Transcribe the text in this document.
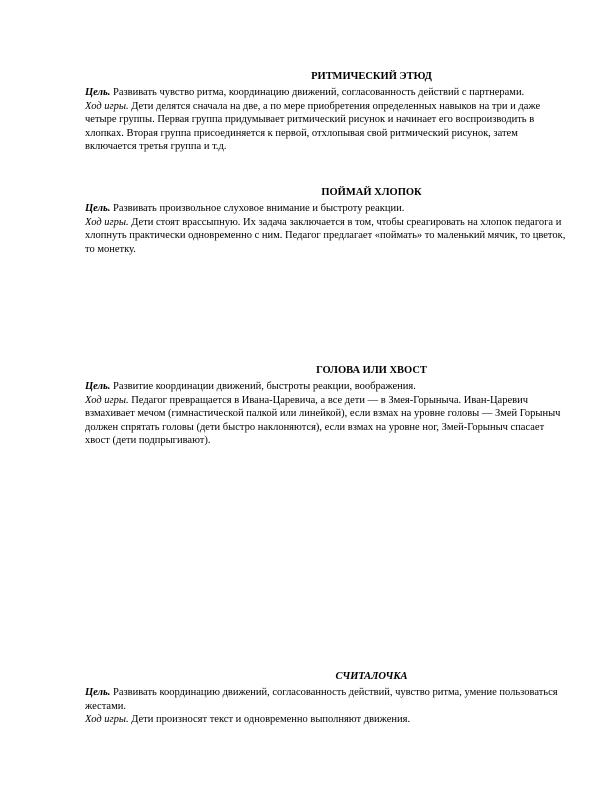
РИТМИЧЕСКИЙ ЭТЮД

Цель. Развивать чувство ритма, координацию движений, согласованность действий с партнерами.

Ход игры. Дети делятся сначала на две, а по мере приобретения определенных навыков на три и даже четыре группы. Первая группа придумывает ритмический рисунок и начинает его воспроизводить в хлопках. Вторая группа присоединяется к первой, отхлопывая свой ритмический рисунок, затем включается третья группа и т.д.

ПОЙМАЙ ХЛОПОК

Цель. Развивать произвольное слуховое внимание и быстроту реакции.

Ход игры. Дети стоят врассыпную. Их задача заключается в том, чтобы среагировать на хлопок педагога и хлопнуть практически одновременно с ним. Педагог предлагает «поймать» то маленький мячик, то цветок, то монетку.

ГОЛОВА ИЛИ ХВОСТ

Цель. Развитие координации движений, быстроты реакции, воображения.

Ход игры. Педагог превращается в Ивана-Царевича, а все дети — в Змея-Горыныча. Иван-Царевич взмахивает мечом (гимнастической палкой или линейкой), если взмах на уровне головы — Змей Горыныч должен спрятать головы (дети быстро наклоняются), если взмах на уровне ног, Змей-Горыныч спасает хвост (дети подпрыгивают).

СЧИТАЛОЧКА

Цель. Развивать координацию движений, согласованность действий, чувство ритма, умение пользоваться жестами.

Ход игры. Дети произносят текст и одновременно выполняют движения.
